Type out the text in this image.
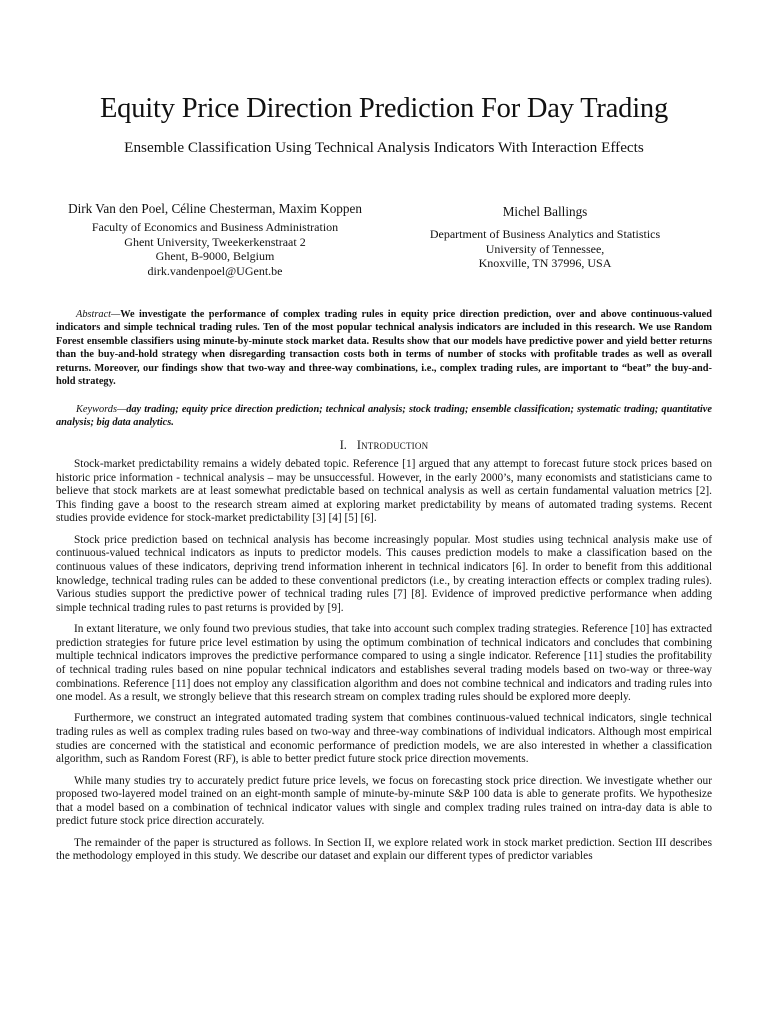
Equity Price Direction Prediction For Day Trading
Ensemble Classification Using Technical Analysis Indicators With Interaction Effects
Dirk Van den Poel, Céline Chesterman, Maxim Koppen
Faculty of Economics and Business Administration
Ghent University, Tweekerkenstraat 2
Ghent, B-9000, Belgium
dirk.vandenpoel@UGent.be
Michel Ballings
Department of Business Analytics and Statistics
University of Tennessee,
Knoxville, TN 37996, USA
Abstract—We investigate the performance of complex trading rules in equity price direction prediction, over and above continuous-valued indicators and simple technical trading rules. Ten of the most popular technical analysis indicators are included in this research. We use Random Forest ensemble classifiers using minute-by-minute stock market data. Results show that our models have predictive power and yield better returns than the buy-and-hold strategy when disregarding transaction costs both in terms of number of stocks with profitable trades as well as overall returns. Moreover, our findings show that two-way and three-way combinations, i.e., complex trading rules, are important to “beat” the buy-and-hold strategy.
Keywords—day trading; equity price direction prediction; technical analysis; stock trading; ensemble classification; systematic trading; quantitative analysis; big data analytics.
I. Introduction

Stock-market predictability remains a widely debated topic. Reference [1] argued that any attempt to forecast future stock prices based on historic price information - technical analysis – may be unsuccessful. However, in the early 2000’s, many economists and statisticians came to believe that stock markets are at least somewhat predictable based on technical analysis as well as certain fundamental valuation metrics [2]. This finding gave a boost to the research stream aimed at exploring market predictability by means of automated trading systems. Recent studies provide evidence for stock-market predictability [3] [4] [5] [6].

Stock price prediction based on technical analysis has become increasingly popular. Most studies using technical analysis make use of continuous-valued technical indicators as inputs to predictor models. This causes prediction models to make a classification based on the continuous values of these indicators, depriving trend information inherent in technical indicators [6]. In order to benefit from this additional knowledge, technical trading rules can be added to these conventional predictors (i.e., by creating interaction effects or complex trading rules). Various studies support the predictive power of technical trading rules [7] [8]. Evidence of improved predictive performance when adding simple technical trading rules to past returns is provided by [9].

In extant literature, we only found two previous studies, that take into account such complex trading strategies. Reference [10] has extracted prediction strategies for future price level estimation by using the optimum combination of technical indicators and concludes that combining multiple technical indicators improves the predictive performance compared to using a single indicator. Reference [11] studies the profitability of technical trading rules based on nine popular technical indicators and establishes several trading models based on two-way or three-way combinations. Reference [11] does not employ any classification algorithm and does not combine technical and indicators and trading rules into one model. As a result, we strongly believe that this research stream on complex trading rules should be explored more deeply.

Furthermore, we construct an integrated automated trading system that combines continuous-valued technical indicators, single technical trading rules as well as complex trading rules based on two-way and three-way combinations of individual indicators. Although most empirical studies are concerned with the statistical and economic performance of prediction models, we are also interested in whether a classification algorithm, such as Random Forest (RF), is able to better predict future stock price direction movements.

While many studies try to accurately predict future price levels, we focus on forecasting stock price direction. We investigate whether our proposed two-layered model trained on an eight-month sample of minute-by-minute S&P 100 data is able to generate profits. We hypothesize that a model based on a combination of technical indicator values with single and complex trading rules trained on intra-day data is able to predict future stock price direction accurately.

The remainder of the paper is structured as follows. In Section II, we explore related work in stock market prediction. Section III describes the methodology employed in this study. We describe our dataset and explain our different types of predictor variables
